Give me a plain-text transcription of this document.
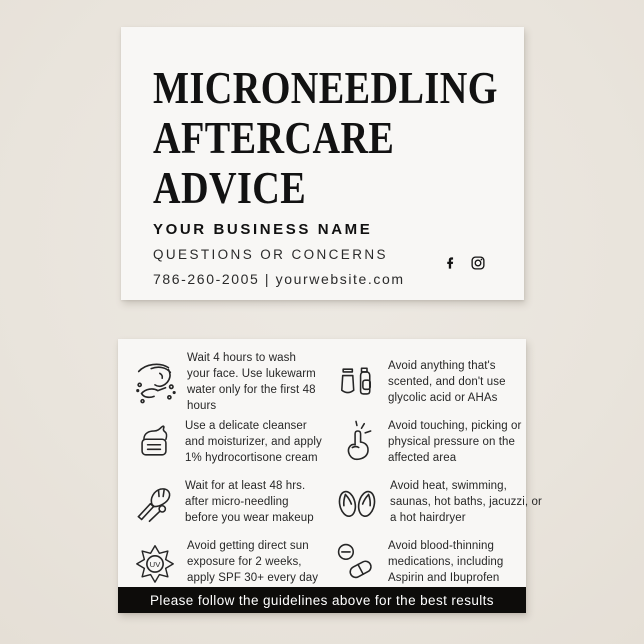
MICRONEEDLING
AFTERCARE
ADVICE
YOUR BUSINESS NAME
QUESTIONS OR CONCERNS
786-260-2005 | yourwebsite.com
Wait 4 hours to wash your face. Use lukewarm water only for the first 48 hours
Avoid anything that's scented, and don't use glycolic acid or AHAs
Use a delicate cleanser and moisturizer, and apply 1% hydrocortisone cream
Avoid touching, picking or physical pressure on the affected area
Wait for at least 48 hrs. after micro-needling before you wear makeup
Avoid heat, swimming, saunas, hot baths, jacuzzi, or a hot hairdryer
UV
Avoid getting direct sun exposure for 2 weeks, apply SPF 30+ every day
Avoid blood-thinning medications, including Aspirin and Ibuprofen
Please follow the guidelines above for the best results
